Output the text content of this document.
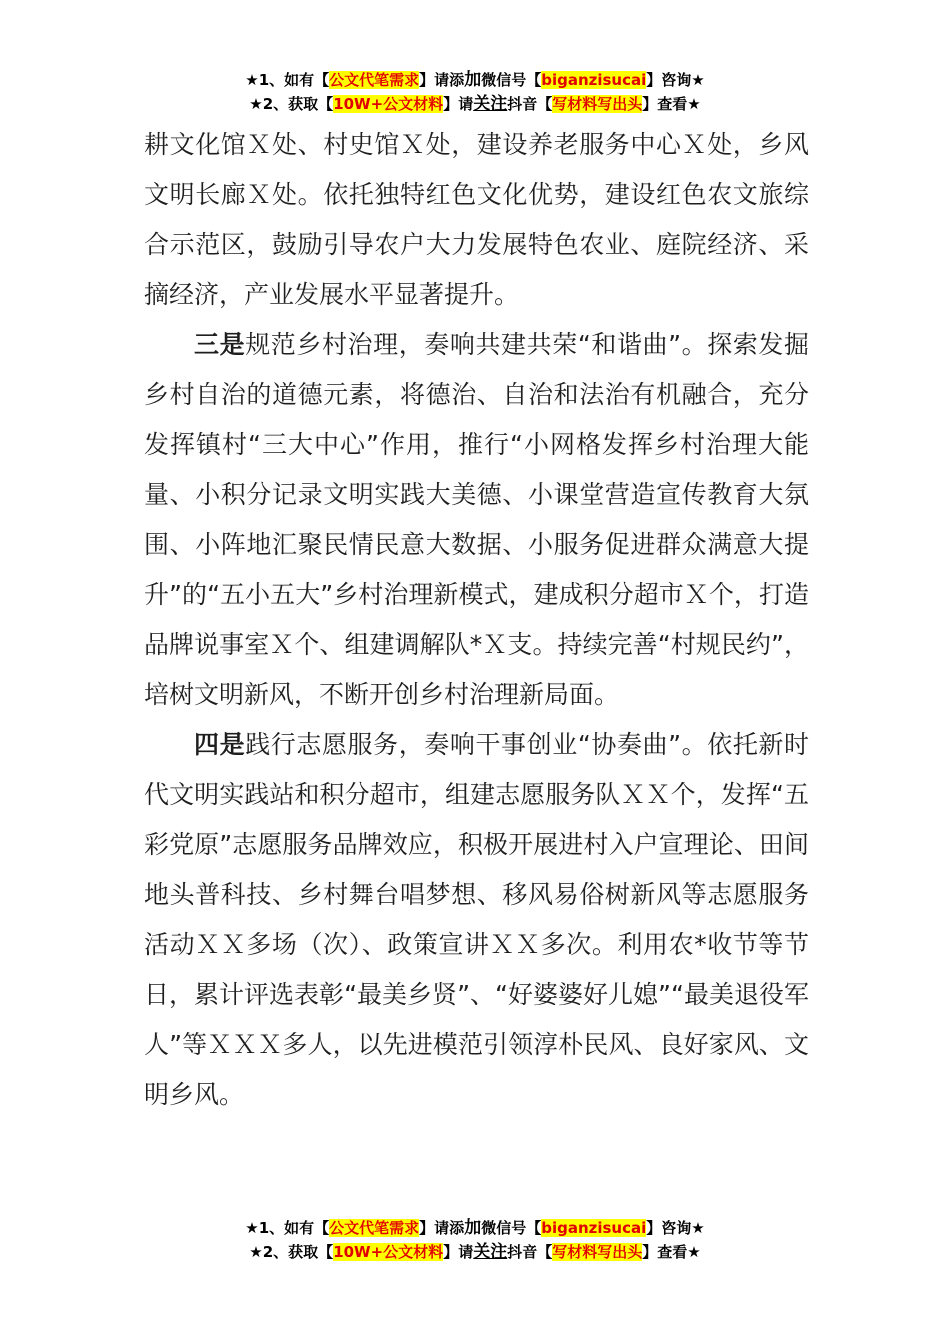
★1、如有【公文代笔需求】请添加微信号【biganzisucai】咨询★
★2、获取【10W+公文材料】请关注抖音【写材料写出头】查看★

耕文化馆Ｘ处、村史馆Ｘ处，建设养老服务中心Ｘ处，乡风文明长廊Ｘ处。依托独特红色文化优势，建设红色农文旅综合示范区，鼓励引导农户大力发展特色农业、庭院经济、采摘经济，产业发展水平显著提升。

三是规范乡村治理，奏响共建共荣“和谐曲”。探索发掘乡村自治的道德元素，将德治、自治和法治有机融合，充分发挥镇村“三大中心”作用，推行“小网格发挥乡村治理大能量、小积分记录文明实践大美德、小课堂营造宣传教育大氛围、小阵地汇聚民情民意大数据、小服务促进群众满意大提升”的“五小五大”乡村治理新模式，建成积分超市Ｘ个，打造品牌说事室Ｘ个、组建调解队*Ｘ支。持续完善“村规民约”，培树文明新风，不断开创乡村治理新局面。

四是践行志愿服务，奏响干事创业“协奏曲”。依托新时代文明实践站和积分超市，组建志愿服务队ＸＸ个，发挥“五彩党原”志愿服务品牌效应，积极开展进村入户宣理论、田间地头普科技、乡村舞台唱梦想、移风易俗树新风等志愿服务活动ＸＸ多场（次）、政策宣讲ＸＸ多次。利用农*收节等节日，累计评选表彰“最美乡贤”、“好婆婆好儿媳”“最美退役军人”等ＸＸＸ多人，以先进模范引领淳朴民风、良好家风、文明乡风。

★1、如有【公文代笔需求】请添加微信号【biganzisucai】咨询★
★2、获取【10W+公文材料】请关注抖音【写材料写出头】查看★
